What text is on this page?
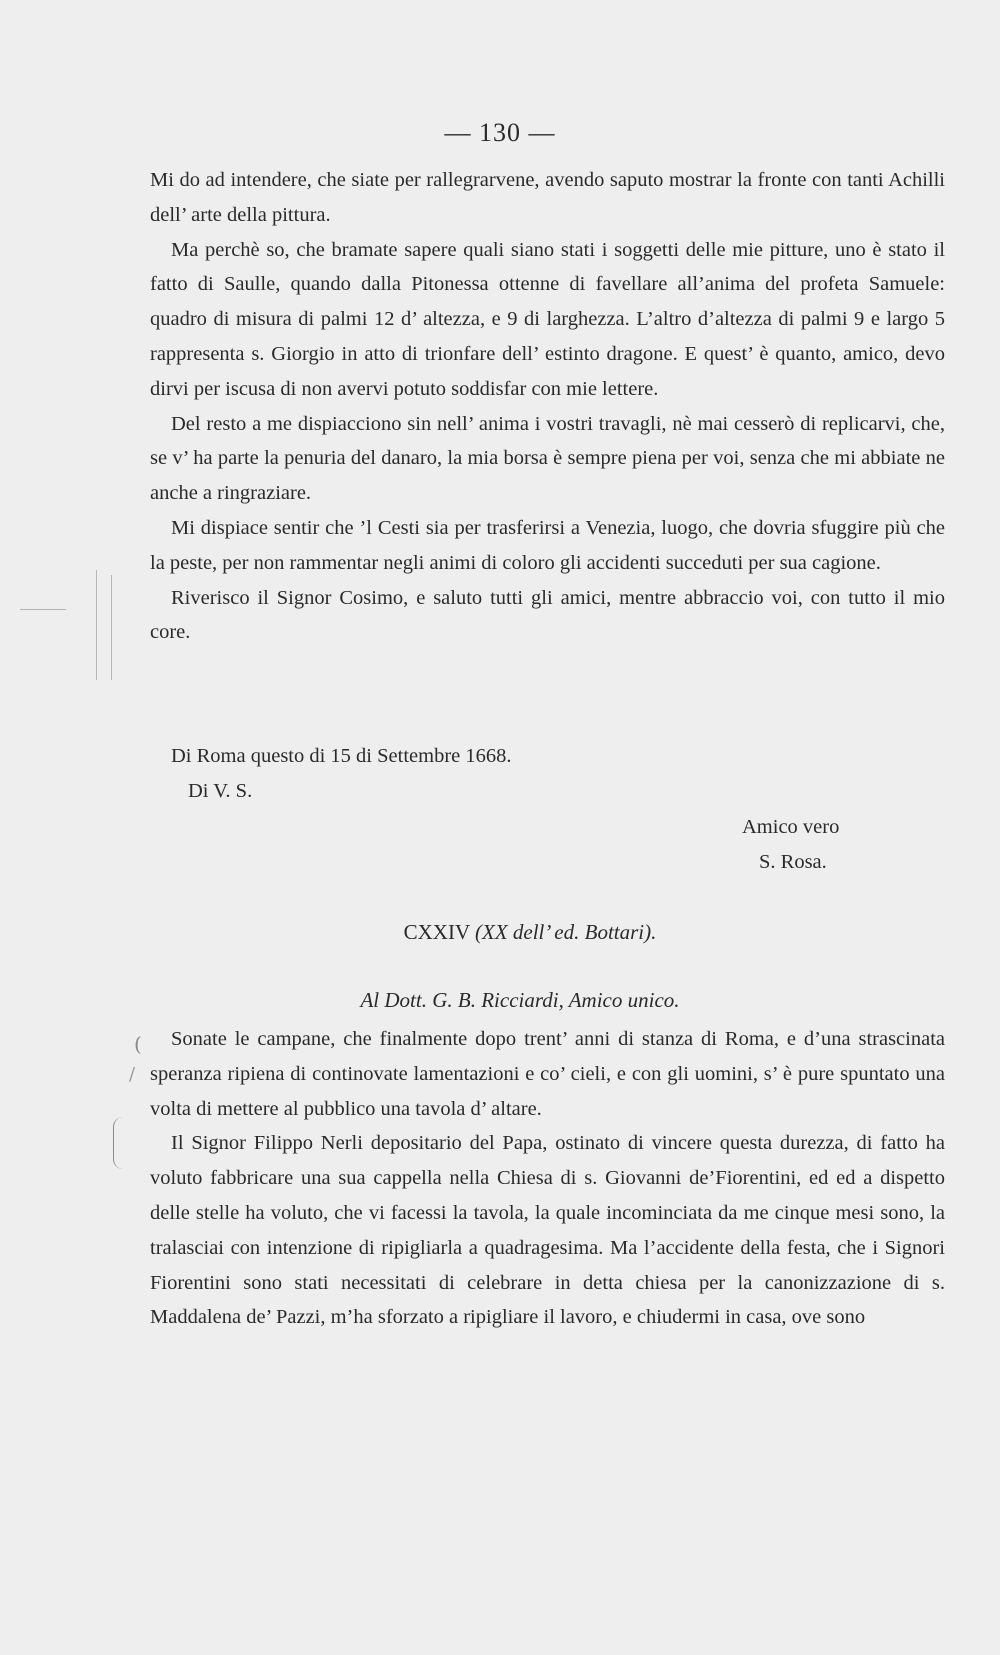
— 130 —

Mi do ad intendere, che siate per rallegrarvene, avendo saputo mostrar la fronte con tanti Achilli dell’ arte della pittura.

Ma perchè so, che bramate sapere quali siano stati i soggetti delle mie pitture, uno è stato il fatto di Saulle, quando dalla Pitonessa ottenne di favellare all’anima del profeta Samuele: quadro di misura di palmi 12 d’ altezza, e 9 di larghezza. L’altro d’altezza di palmi 9 e largo 5 rappresenta s. Giorgio in atto di trionfare dell’ estinto dragone. E quest’ è quanto, amico, devo dirvi per iscusa di non avervi potuto soddisfar con mie lettere.

Del resto a me dispiacciono sin nell’ anima i vostri travagli, nè mai cesserò di replicarvi, che, se v’ ha parte la penuria del danaro, la mia borsa è sempre piena per voi, senza che mi abbiate ne anche a ringraziare.

Mi dispiace sentir che ’l Cesti sia per trasferirsi a Venezia, luogo, che dovria sfuggire più che la peste, per non rammentar negli animi di coloro gli accidenti succeduti per sua cagione.

Riverisco il Signor Cosimo, e saluto tutti gli amici, mentre abbraccio voi, con tutto il mio core.

Di Roma questo di 15 di Settembre 1668.
Di V. S.
Amico vero
S. Rosa.
CXXIV (XX dell’ ed. Bottari).
Al Dott. G. B. Ricciardi, Amico unico.

Sonate le campane, che finalmente dopo trent’ anni di stanza di Roma, e d’una strascinata speranza ripiena di continovate lamentazioni e co’ cieli, e con gli uomini, s’ è pure spuntato una volta di mettere al pubblico una tavola d’ altare.

Il Signor Filippo Nerli depositario del Papa, ostinato di vincere questa durezza, di fatto ha voluto fabbricare una sua cappella nella Chiesa di s. Giovanni de’Fiorentini, ed ed a dispetto delle stelle ha voluto, che vi facessi la tavola, la quale incominciata da me cinque mesi sono, la tralasciai con intenzione di ripigliarla a quadragesima. Ma l’accidente della festa, che i Signori Fiorentini sono stati necessitati di celebrare in detta chiesa per la canonizzazione di s. Maddalena de’ Pazzi, m’ha sforzato a ripigliare il lavoro, e chiudermi in casa, ove sono

(
/
